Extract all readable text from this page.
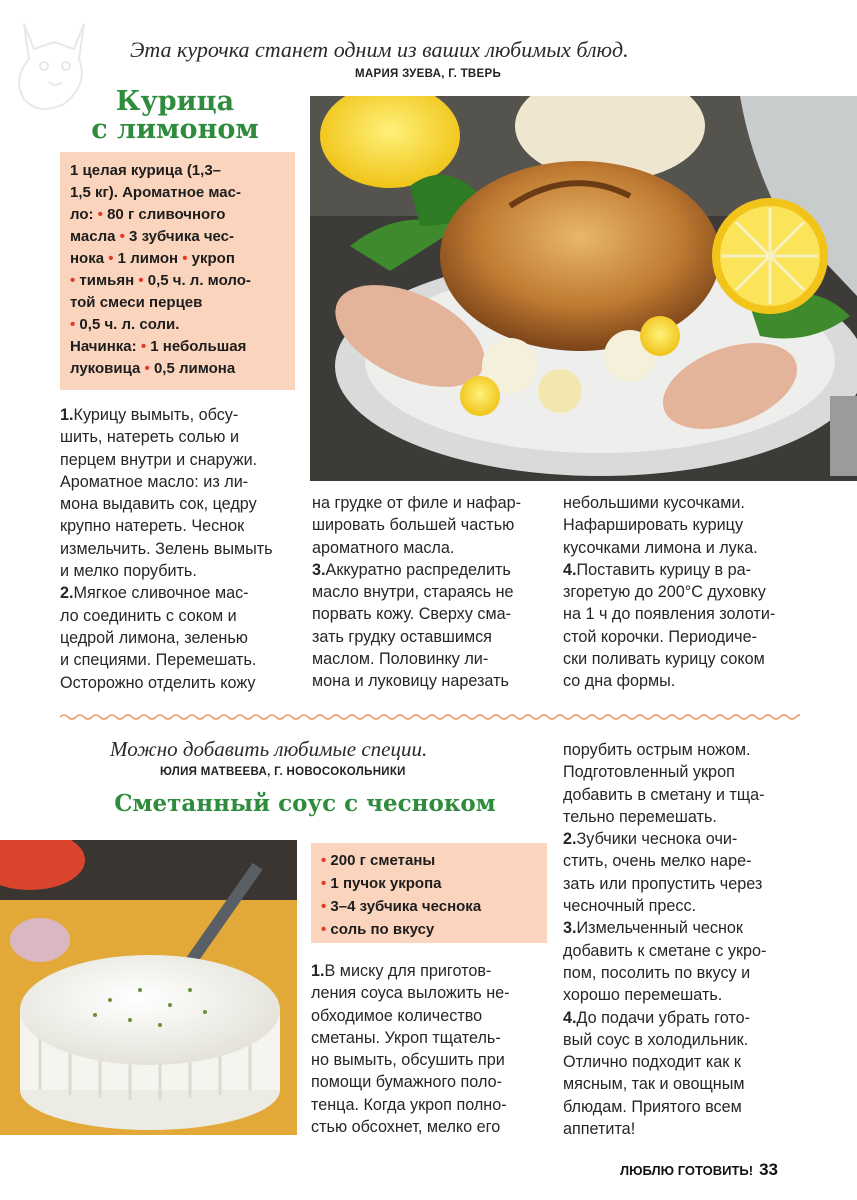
Эта курочка станет одним из ваших любимых блюд.
МАРИЯ ЗУЕВА, Г. ТВЕРЬ
Курица
с лимоном
1 целая курица (1,3–
1,5 кг). Ароматное мас-
ло: • 80 г сливочного
масла • 3 зубчика чес-
нока • 1 лимон • укроп
• тимьян • 0,5 ч. л. моло-
той смеси перцев
• 0,5 ч. л. соли.
Начинка: • 1 небольшая
луковица • 0,5 лимона

1.Курицу вымыть, обсу-

шить, натереть солью и

перцем внутри и снаружи.

Ароматное масло: из ли-

мона выдавить сок, цедру

крупно натереть. Чеснок

измельчить. Зелень вымыть

и мелко порубить.

2.Мягкое сливочное мас-

ло соединить с соком и

цедрой лимона, зеленью

и специями. Перемешать.

Осторожно отделить кожу

на грудке от филе и нафар-

шировать большей частью

ароматного масла.

3.Аккуратно распределить

масло внутри, стараясь не

порвать кожу. Сверху сма-

зать грудку оставшимся

маслом. Половинку ли-

мона и луковицу нарезать

небольшими кусочками.

Нафаршировать курицу

кусочками лимона и лука.

4.Поставить курицу в ра-

згоретую до 200°С духовку

на 1 ч до появления золоти-

стой корочки. Периодиче-

ски поливать курицу соком

со дна формы.

Можно добавить любимые специи.
ЮЛИЯ МАТВЕЕВА, Г. НОВОСОКОЛЬНИКИ
Сметанный соус с чесноком
• 200 г сметаны
• 1 пучок укропа
• 3–4 зубчика чеснока
• соль по вкусу

1.В миску для приготов-

ления соуса выложить не-

обходимое количество

сметаны. Укроп тщатель-

но вымыть, обсушить при

помощи бумажного поло-

тенца. Когда укроп полно-

стью обсохнет, мелко его

порубить острым ножом.

Подготовленный укроп

добавить в сметану и тща-

тельно перемешать.

2.Зубчики чеснока очи-

стить, очень мелко наре-

зать или пропустить через

чесночный пресс.

3.Измельченный чеснок

добавить к сметане с укро-

пом, посолить по вкусу и

хорошо перемешать.

4.До подачи убрать гото-

вый соус в холодильник.

Отлично подходит как к

мясным, так и овощным

блюдам. Приятого всем

аппетита!

ЛЮБЛЮ ГОТОВИТЬ! 33
